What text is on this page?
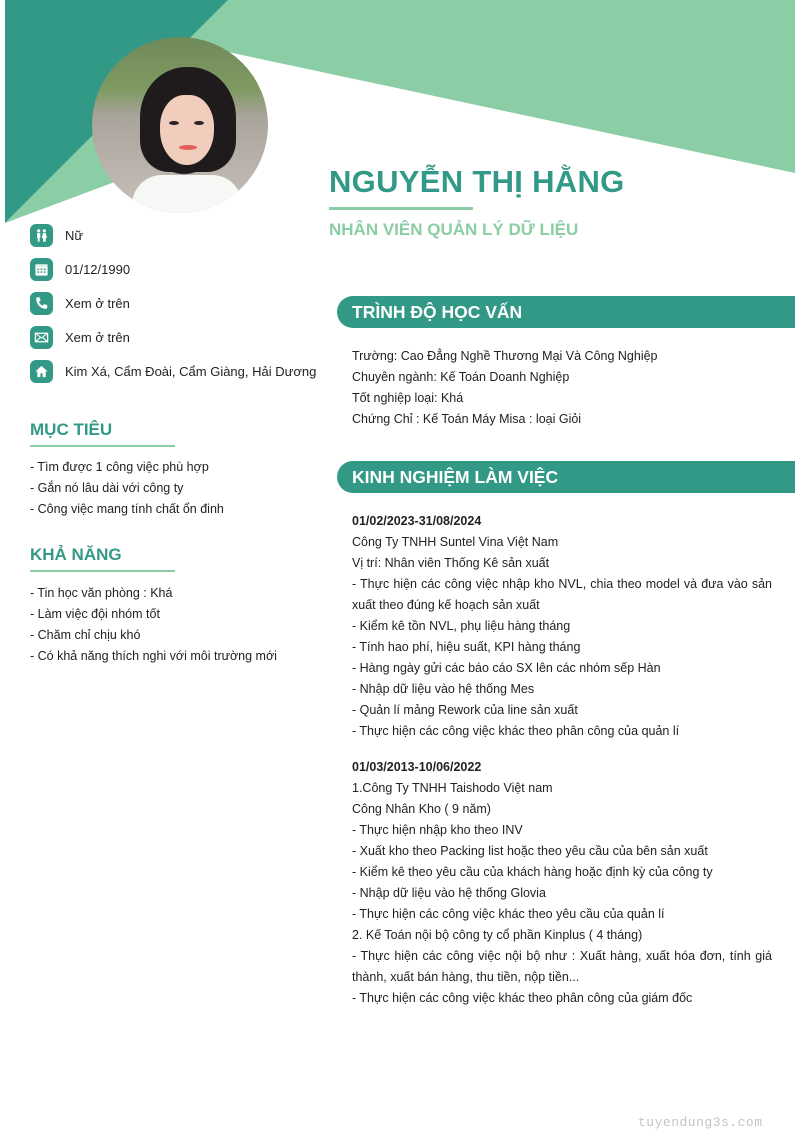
NGUYỄN THỊ HẰNG
NHÂN VIÊN QUẢN LÝ DỮ LIỆU
Nữ
01/12/1990
Xem ở trên
Xem ở trên
Kim Xá, Cẩm Đoài, Cẩm Giàng, Hải Dương
MỤC TIÊU
- Tìm được 1 công việc phù hợp
- Gắn nó lâu dài với công ty
- Công việc mang tính chất ổn đinh
KHẢ NĂNG
- Tin học văn phòng : Khá
- Làm việc đội nhóm tốt
- Chăm chỉ chịu khó
- Có khả năng thích nghi với môi trường mới
TRÌNH ĐỘ HỌC VẤN
Trường: Cao Đẳng Nghề Thương Mại Và Công Nghiệp
Chuyên ngành: Kế Toán Doanh Nghiệp
Tốt nghiệp loại: Khá
Chứng Chỉ : Kế Toán Máy Misa : loại Giỏi
KINH NGHIỆM LÀM VIỆC
01/02/2023-31/08/2024
Công Ty TNHH Suntel Vina Việt Nam
Vị trí: Nhân viên Thống Kê sản xuất
- Thực hiện các công việc nhập kho NVL, chia theo model và đưa vào sản xuất theo đúng kế hoạch sản xuất
- Kiểm kê tồn NVL, phụ liệu hàng tháng
- Tính hao phí, hiệu suất, KPI hàng tháng
- Hàng ngày gửi các báo cáo SX lên các nhóm sếp Hàn
- Nhập dữ liệu vào hệ thống Mes
- Quản lí mảng Rework của line sản xuất
- Thực hiện các công việc khác theo phân công của quản lí
01/03/2013-10/06/2022
1.Công Ty TNHH Taishodo Việt nam
Công Nhân Kho ( 9 năm)
- Thực hiện nhập kho theo INV
- Xuất kho theo Packing list hoặc theo yêu cầu của bên sản xuất
- Kiểm kê theo yêu cầu của khách hàng hoặc định kỳ của công ty
- Nhập dữ liệu vào hệ thống Glovia
- Thực hiện các công việc khác theo yêu cầu của quản lí
2. Kế Toán nội bộ công ty cổ phần Kinplus ( 4 tháng)
- Thực hiện các công việc nội bộ như : Xuất hàng, xuất hóa đơn, tính giá thành, xuất bán hàng, thu tiền, nộp tiền...
- Thực hiện các công việc khác theo phân công của giám đốc
tuyendung3s.com
